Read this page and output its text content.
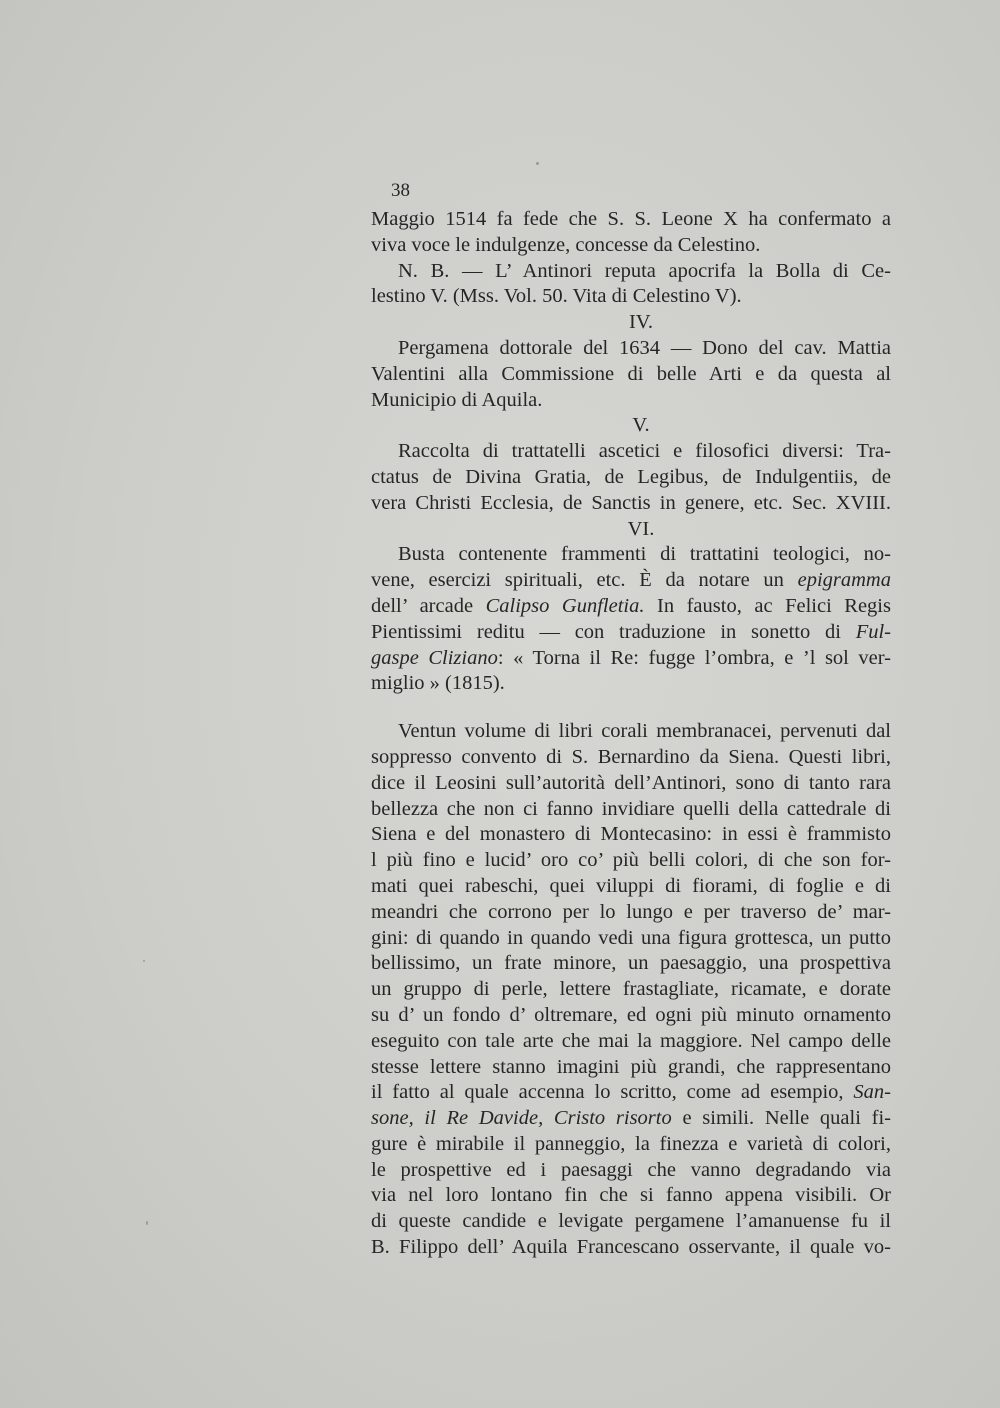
38
Maggio 1514 fa fede che S. S. Leone X ha confermato a
viva voce le indulgenze, concesse da Celestino.
N. B. — L’ Antinori reputa apocrifa la Bolla di Ce-
lestino V. (Mss. Vol. 50. Vita di Celestino V).
IV.
Pergamena dottorale del 1634 — Dono del cav. Mattia
Valentini alla Commissione di belle Arti e da questa al
Municipio di Aquila.
V.
Raccolta di trattatelli ascetici e filosofici diversi: Tra-
ctatus de Divina Gratia, de Legibus, de Indulgentiis, de
vera Christi Ecclesia, de Sanctis in genere, etc. Sec. XVIII.
VI.
Busta contenente frammenti di trattatini teologici, no-
vene, esercizi spirituali, etc. È da notare un epigramma
dell’ arcade Calipso Gunfletia. In fausto, ac Felici Regis
Pientissimi reditu — con traduzione in sonetto di Ful-
gaspe Cliziano: « Torna il Re: fugge l’ombra, e ’l sol ver-
miglio » (1815).
Ventun volume di libri corali membranacei, pervenuti dal
soppresso convento di S. Bernardino da Siena. Questi libri,
dice il Leosini sull’autorità dell’Antinori, sono di tanto rara
bellezza che non ci fanno invidiare quelli della cattedrale di
Siena e del monastero di Montecasino: in essi è frammisto
l più fino e lucid’ oro co’ più belli colori, di che son for-
mati quei rabeschi, quei viluppi di fiorami, di foglie e di
meandri che corrono per lo lungo e per traverso de’ mar-
gini: di quando in quando vedi una figura grottesca, un putto
bellissimo, un frate minore, un paesaggio, una prospettiva
un gruppo di perle, lettere frastagliate, ricamate, e dorate
su d’ un fondo d’ oltremare, ed ogni più minuto ornamento
eseguito con tale arte che mai la maggiore. Nel campo delle
stesse lettere stanno imagini più grandi, che rappresentano
il fatto al quale accenna lo scritto, come ad esempio, San-
sone, il Re Davide, Cristo risorto e simili. Nelle quali fi-
gure è mirabile il panneggio, la finezza e varietà di colori,
le prospettive ed i paesaggi che vanno degradando via
via nel loro lontano fin che si fanno appena visibili. Or
di queste candide e levigate pergamene l’amanuense fu il
B. Filippo dell’ Aquila Francescano osservante, il quale vo-
